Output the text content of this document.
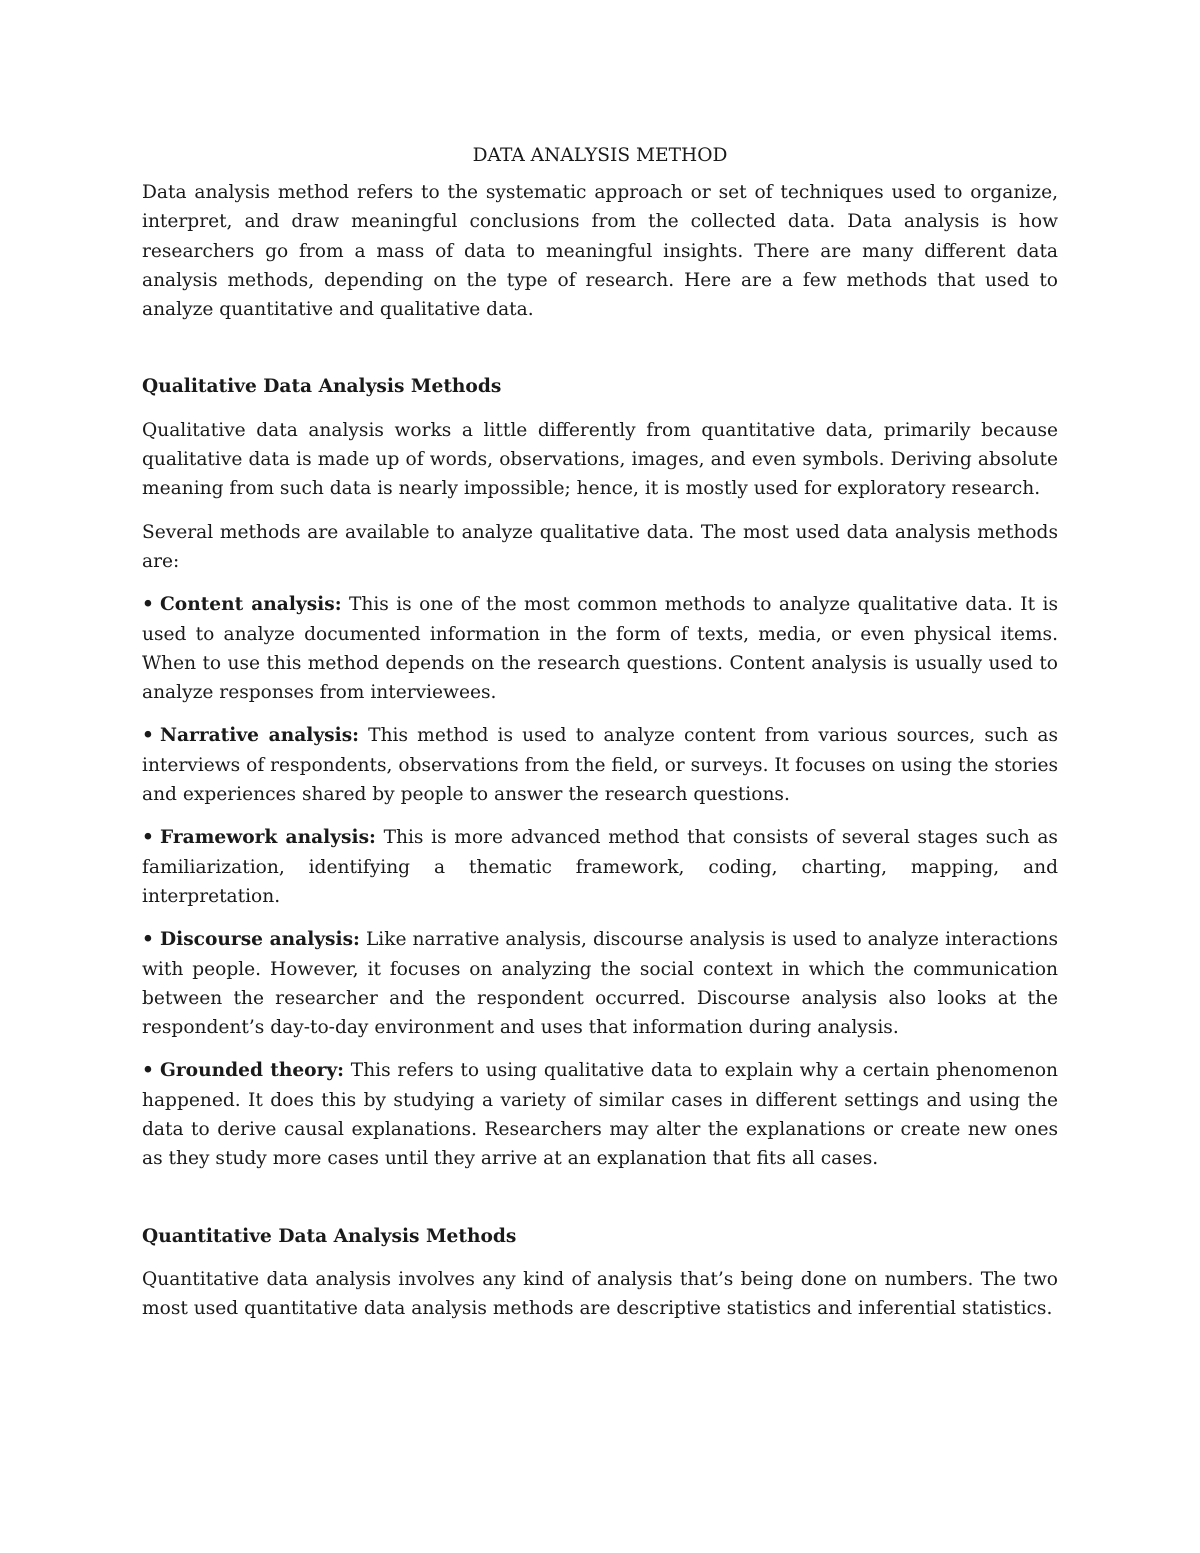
DATA ANALYSIS METHOD

Data analysis method refers to the systematic approach or set of techniques used to organize, interpret, and draw meaningful conclusions from the collected data. Data analysis is how researchers go from a mass of data to meaningful insights. There are many different data analysis methods, depending on the type of research. Here are a few methods that used to analyze quantitative and qualitative data.

Qualitative Data Analysis Methods

Qualitative data analysis works a little differently from quantitative data, primarily because qualitative data is made up of words, observations, images, and even symbols. Deriving absolute meaning from such data is nearly impossible; hence, it is mostly used for exploratory research.

Several methods are available to analyze qualitative data. The most used data analysis methods are:

• Content analysis: This is one of the most common methods to analyze qualitative data. It is used to analyze documented information in the form of texts, media, or even physical items. When to use this method depends on the research questions. Content analysis is usually used to analyze responses from interviewees.
• Narrative analysis: This method is used to analyze content from various sources, such as interviews of respondents, observations from the field, or surveys. It focuses on using the stories and experiences shared by people to answer the research questions.
• Framework analysis: This is more advanced method that consists of several stages such as familiarization, identifying a thematic framework, coding, charting, mapping, and interpretation.
• Discourse analysis: Like narrative analysis, discourse analysis is used to analyze interactions with people. However, it focuses on analyzing the social context in which the communication between the researcher and the respondent occurred. Discourse analysis also looks at the respondent’s day-to-day environment and uses that information during analysis.
• Grounded theory: This refers to using qualitative data to explain why a certain phenomenon happened. It does this by studying a variety of similar cases in different settings and using the data to derive causal explanations. Researchers may alter the explanations or create new ones as they study more cases until they arrive at an explanation that fits all cases.
Quantitative Data Analysis Methods

Quantitative data analysis involves any kind of analysis that’s being done on numbers. The two most used quantitative data analysis methods are descriptive statistics and inferential statistics.
